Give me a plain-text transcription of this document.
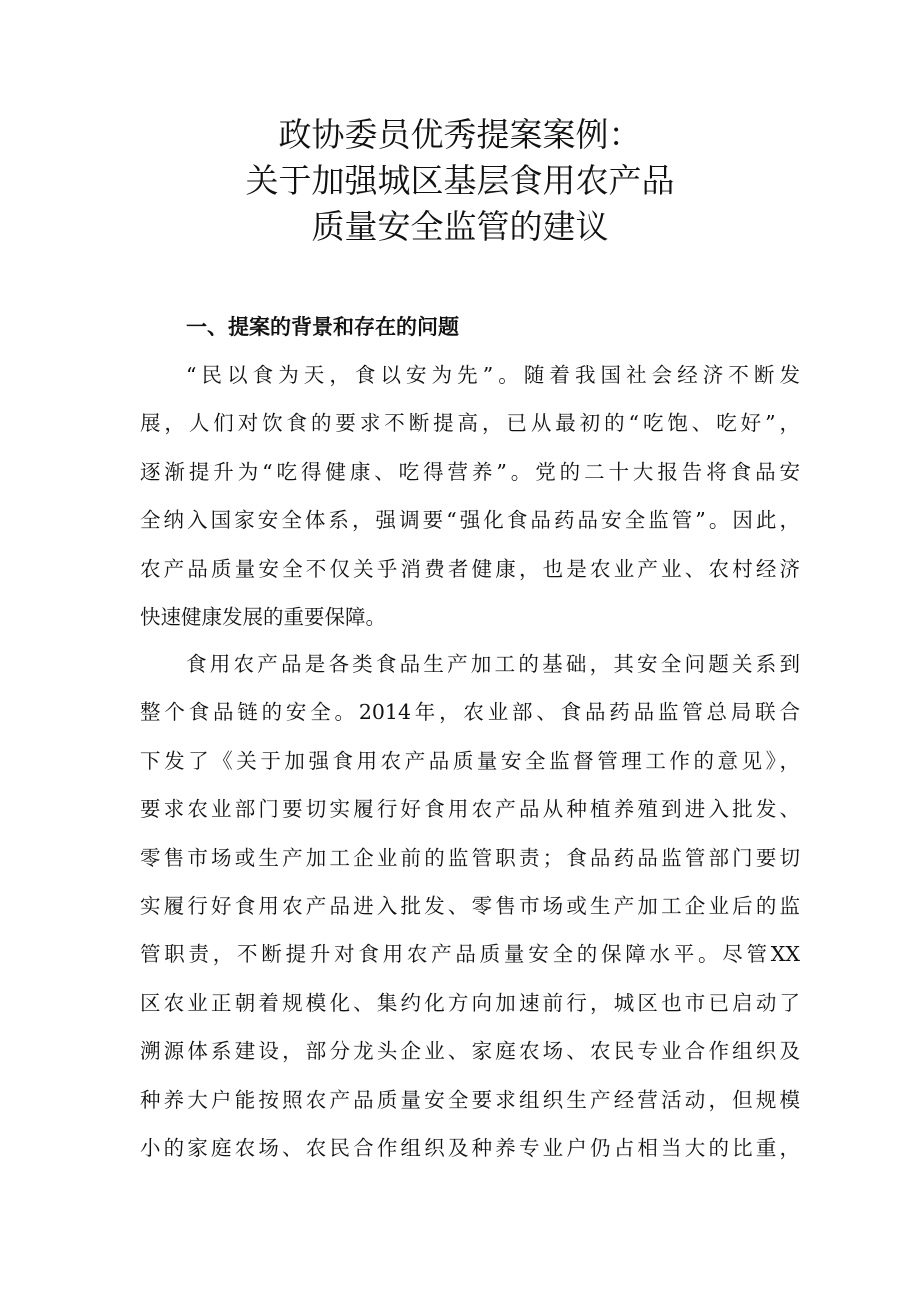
政协委员优秀提案案例：
关于加强城区基层食用农产品
质量安全监管的建议
一、提案的背景和存在的问题
“民以食为天，食以安为先”。随着我国社会经济不断发
展，人们对饮食的要求不断提高，已从最初的“吃饱、吃好”，
逐渐提升为“吃得健康、吃得营养”。党的二十大报告将食品安
全纳入国家安全体系，强调要“强化食品药品安全监管”。因此，
农产品质量安全不仅关乎消费者健康，也是农业产业、农村经济
快速健康发展的重要保障。
食用农产品是各类食品生产加工的基础，其安全问题关系到
整个食品链的安全。2014年，农业部、食品药品监管总局联合
下发了《关于加强食用农产品质量安全监督管理工作的意见》，
要求农业部门要切实履行好食用农产品从种植养殖到进入批发、
零售市场或生产加工企业前的监管职责；食品药品监管部门要切
实履行好食用农产品进入批发、零售市场或生产加工企业后的监
管职责，不断提升对食用农产品质量安全的保障水平。尽管XX
区农业正朝着规模化、集约化方向加速前行，城区也市已启动了
溯源体系建设，部分龙头企业、家庭农场、农民专业合作组织及
种养大户能按照农产品质量安全要求组织生产经营活动，但规模
小的家庭农场、农民合作组织及种养专业户仍占相当大的比重，
